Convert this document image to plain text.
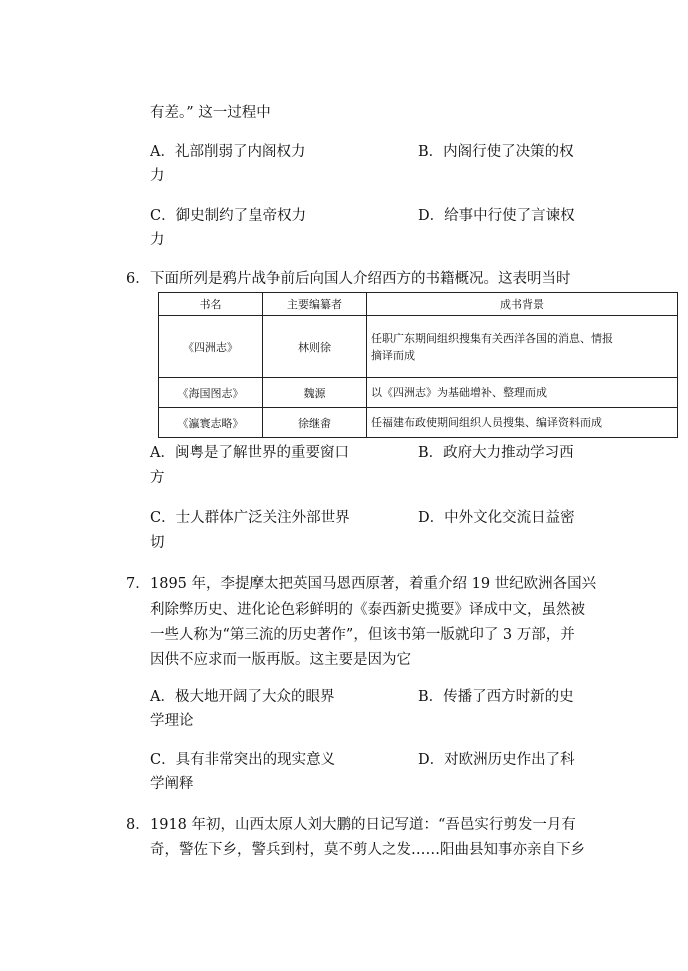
有差。” 这一过程中
A．礼部削弱了内阁权力	B．内阁行使了决策的权
力
C．御史制约了皇帝权力	D．给事中行使了言谏权
力
6． 下面所列是鸦片战争前后向国人介绍西方的书籍概况。这表明当时
书名	主要编纂者	成书背景
《四洲志》	林则徐	任职广东期间组织搜集有关西洋各国的消息、情报
摘译而成

《海国图志》	魏源	以《四洲志》为基础增补、整理而成
《瀛寰志略》	徐继畬	任福建布政使期间组织人员搜集、编译资料而成
A．闽粤是了解世界的重要窗口	B．政府大力推动学习西
方
C．士人群体广泛关注外部世界	D．中外文化交流日益密
切
7． 1895 年，李提摩太把英国马恩西原著，着重介绍 19 世纪欧洲各国兴
利除弊历史、进化论色彩鲜明的《泰西新史揽要》译成中文，虽然被
一些人称为“第三流的历史著作”，但该书第一版就印了 3 万部，并
因供不应求而一版再版。这主要是因为它
A．极大地开阔了大众的眼界	B．传播了西方时新的史
学理论
C．具有非常突出的现实意义	D．对欧洲历史作出了科
学阐释
8． 1918 年初，山西太原人刘大鹏的日记写道：“吾邑实行剪发一月有
奇，警佐下乡，警兵到村，莫不剪人之发……阳曲县知事亦亲自下乡
